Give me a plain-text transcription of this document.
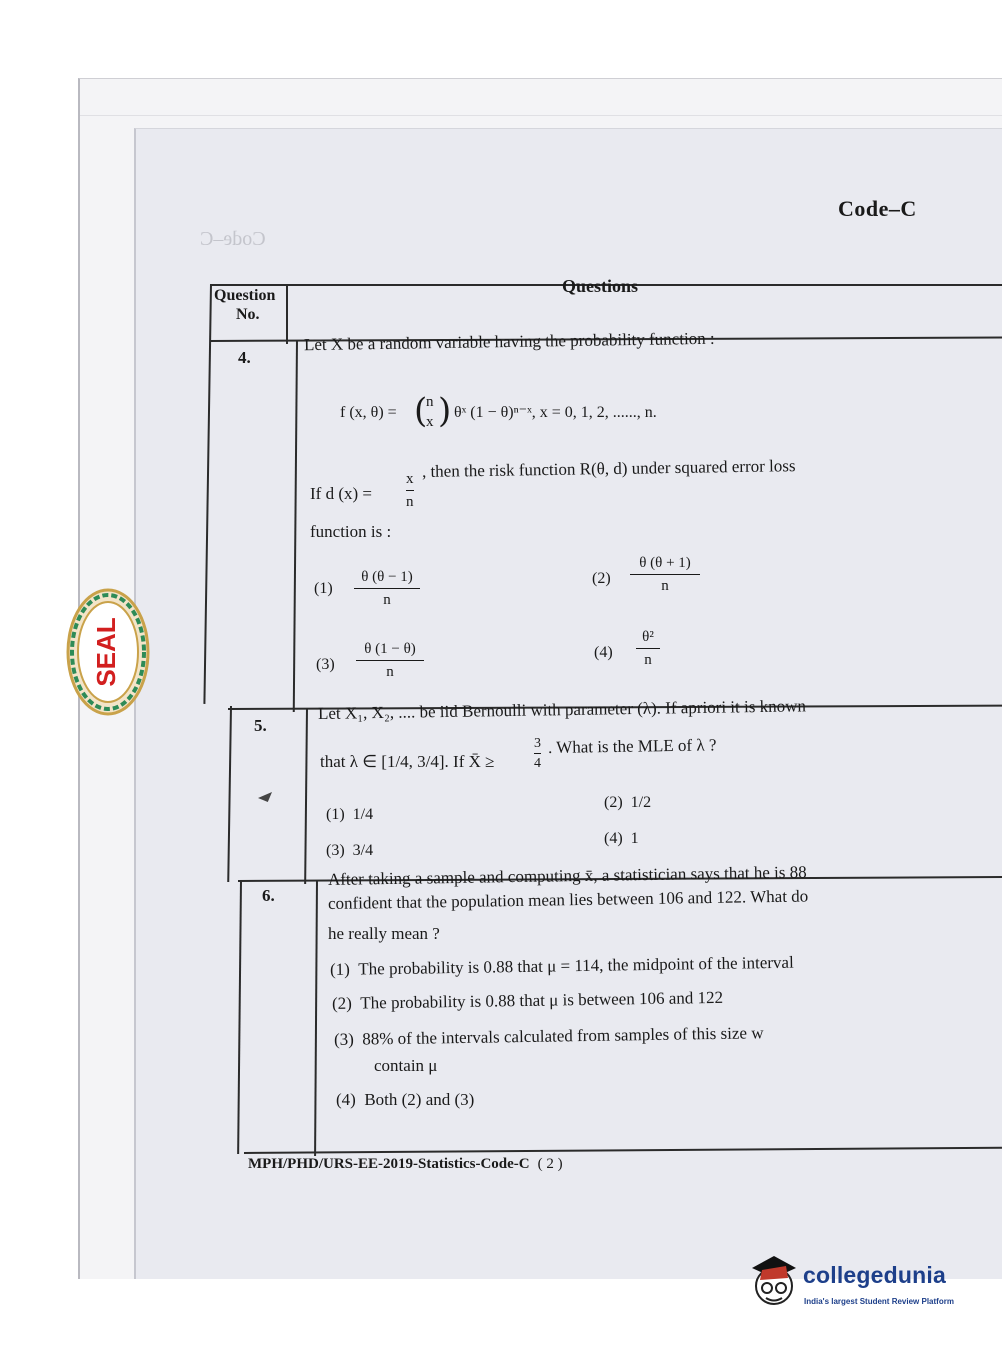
Code–C
Code–C
Question
No.
Questions
4.
Let X be a random variable having the probability function :
f (x, θ) = (
n
x ) θˣ (1 − θ)ⁿ⁻ˣ, x = 0, 1, 2, ......, n.
If d (x) =
x
n
, then the risk function R(θ, d) under squared error loss
function is :
(1)
θ (θ − 1)
n
(2)
θ (θ + 1)
n
(3)
θ (1 − θ)
n
(4)
θ²
n
5.
Let X₁, X₂, .... be iid Bernoulli with parameter (λ). If apriori it is known
that λ ∈ [1/4, 3/4]. If X̄ ≥
3
4
. What is the MLE of λ ?
(1) 1/4
(2) 1/2
(3) 3/4
(4) 1
6.
After taking a sample and computing x̄, a statistician says that he is 88
confident that the population mean lies between 106 and 122. What do
he really mean ?
(1) The probability is 0.88 that μ = 114, the midpoint of the interval
(2) The probability is 0.88 that μ is between 106 and 122
(3) 88% of the intervals calculated from samples of this size w
contain μ
(4) Both (2) and (3)
MPH/PHD/URS-EE-2019-Statistics-Code-C ( 2 )
SEAL
collegedunia
India's largest Student Review Platform
